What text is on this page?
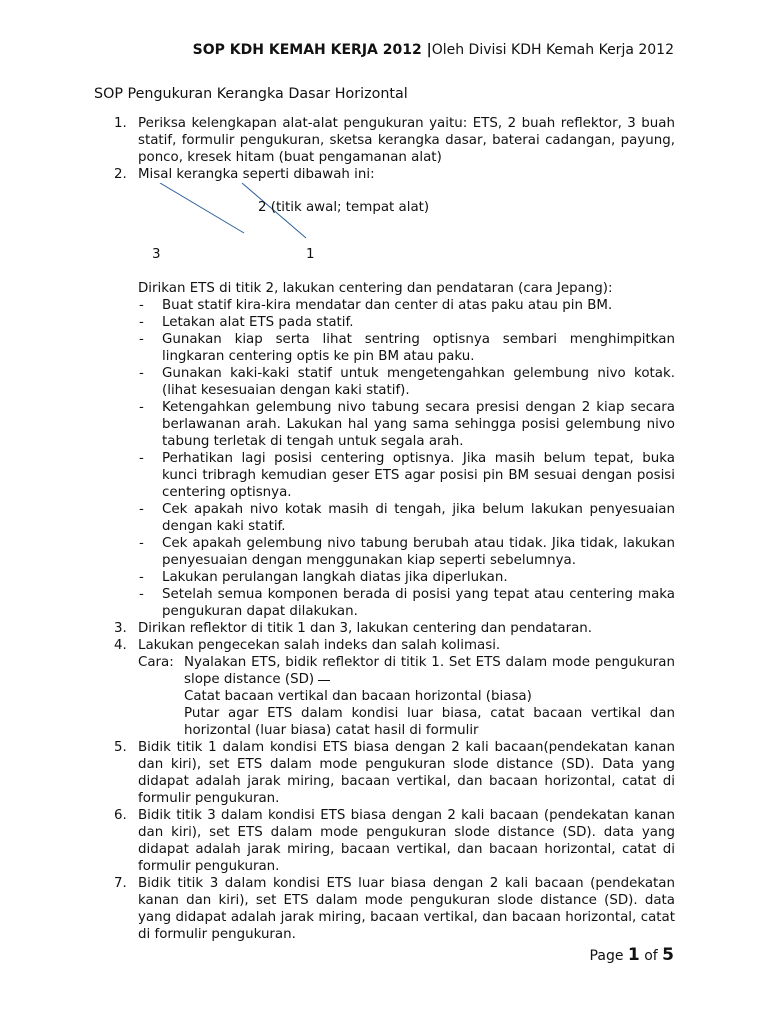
SOP KDH KEMAH KERJA 2012 |Oleh Divisi KDH Kemah Kerja 2012
SOP Pengukuran Kerangka Dasar Horizontal
1. Periksa kelengkapan alat-alat pengukuran yaitu: ETS, 2 buah reflektor, 3 buah statif, formulir pengukuran, sketsa kerangka dasar, baterai cadangan, payung, ponco, kresek hitam (buat pengamanan alat)
2. Misal kerangka seperti dibawah ini:
2 (titik awal; tempat alat)
3	1
Dirikan ETS di titik 2, lakukan centering dan pendataran (cara Jepang):
- Buat statif kira-kira mendatar dan center di atas paku atau pin BM.
- Letakan alat ETS pada statif.
- Gunakan kiap serta lihat sentring optisnya sembari menghimpitkan lingkaran centering optis ke pin BM atau paku.
- Gunakan kaki-kaki statif untuk mengetengahkan gelembung nivo kotak. (lihat kesesuaian dengan kaki statif).
- Ketengahkan gelembung nivo tabung secara presisi dengan 2 kiap secara berlawanan arah. Lakukan hal yang sama sehingga posisi gelembung nivo tabung terletak di tengah untuk segala arah.
- Perhatikan lagi posisi centering optisnya. Jika masih belum tepat, buka kunci tribragh kemudian geser ETS agar posisi pin BM sesuai dengan posisi centering optisnya.
- Cek apakah nivo kotak masih di tengah, jika belum lakukan penyesuaian dengan kaki statif.
- Cek apakah gelembung nivo tabung berubah atau tidak. Jika tidak, lakukan penyesuaian dengan menggunakan kiap seperti sebelumnya.
- Lakukan perulangan langkah diatas jika diperlukan.
- Setelah semua komponen berada di posisi yang tepat atau centering maka pengukuran dapat dilakukan.
3. Dirikan reflektor di titik 1 dan 3, lakukan centering dan pendataran.
4. Lakukan pengecekan salah indeks dan salah kolimasi.
Cara: Nyalakan ETS, bidik reflektor di titik 1. Set ETS dalam mode pengukuran slope distance (SD)
Catat bacaan vertikal dan bacaan horizontal (biasa)
Putar agar ETS dalam kondisi luar biasa, catat bacaan vertikal dan horizontal (luar biasa) catat hasil di formulir
5. Bidik titik 1 dalam kondisi ETS biasa dengan 2 kali bacaan(pendekatan kanan dan kiri), set ETS dalam mode pengukuran slode distance (SD). Data yang didapat adalah jarak miring, bacaan vertikal, dan bacaan horizontal, catat di formulir pengukuran.
6. Bidik titik 3 dalam kondisi ETS biasa dengan 2 kali bacaan (pendekatan kanan dan kiri), set ETS dalam mode pengukuran slode distance (SD). data yang didapat adalah jarak miring, bacaan vertikal, dan bacaan horizontal, catat di formulir pengukuran.
7. Bidik titik 3 dalam kondisi ETS luar biasa dengan 2 kali bacaan (pendekatan kanan dan kiri), set ETS dalam mode pengukuran slode distance (SD). data yang didapat adalah jarak miring, bacaan vertikal, dan bacaan horizontal, catat di formulir pengukuran.
Page 1 of 5
